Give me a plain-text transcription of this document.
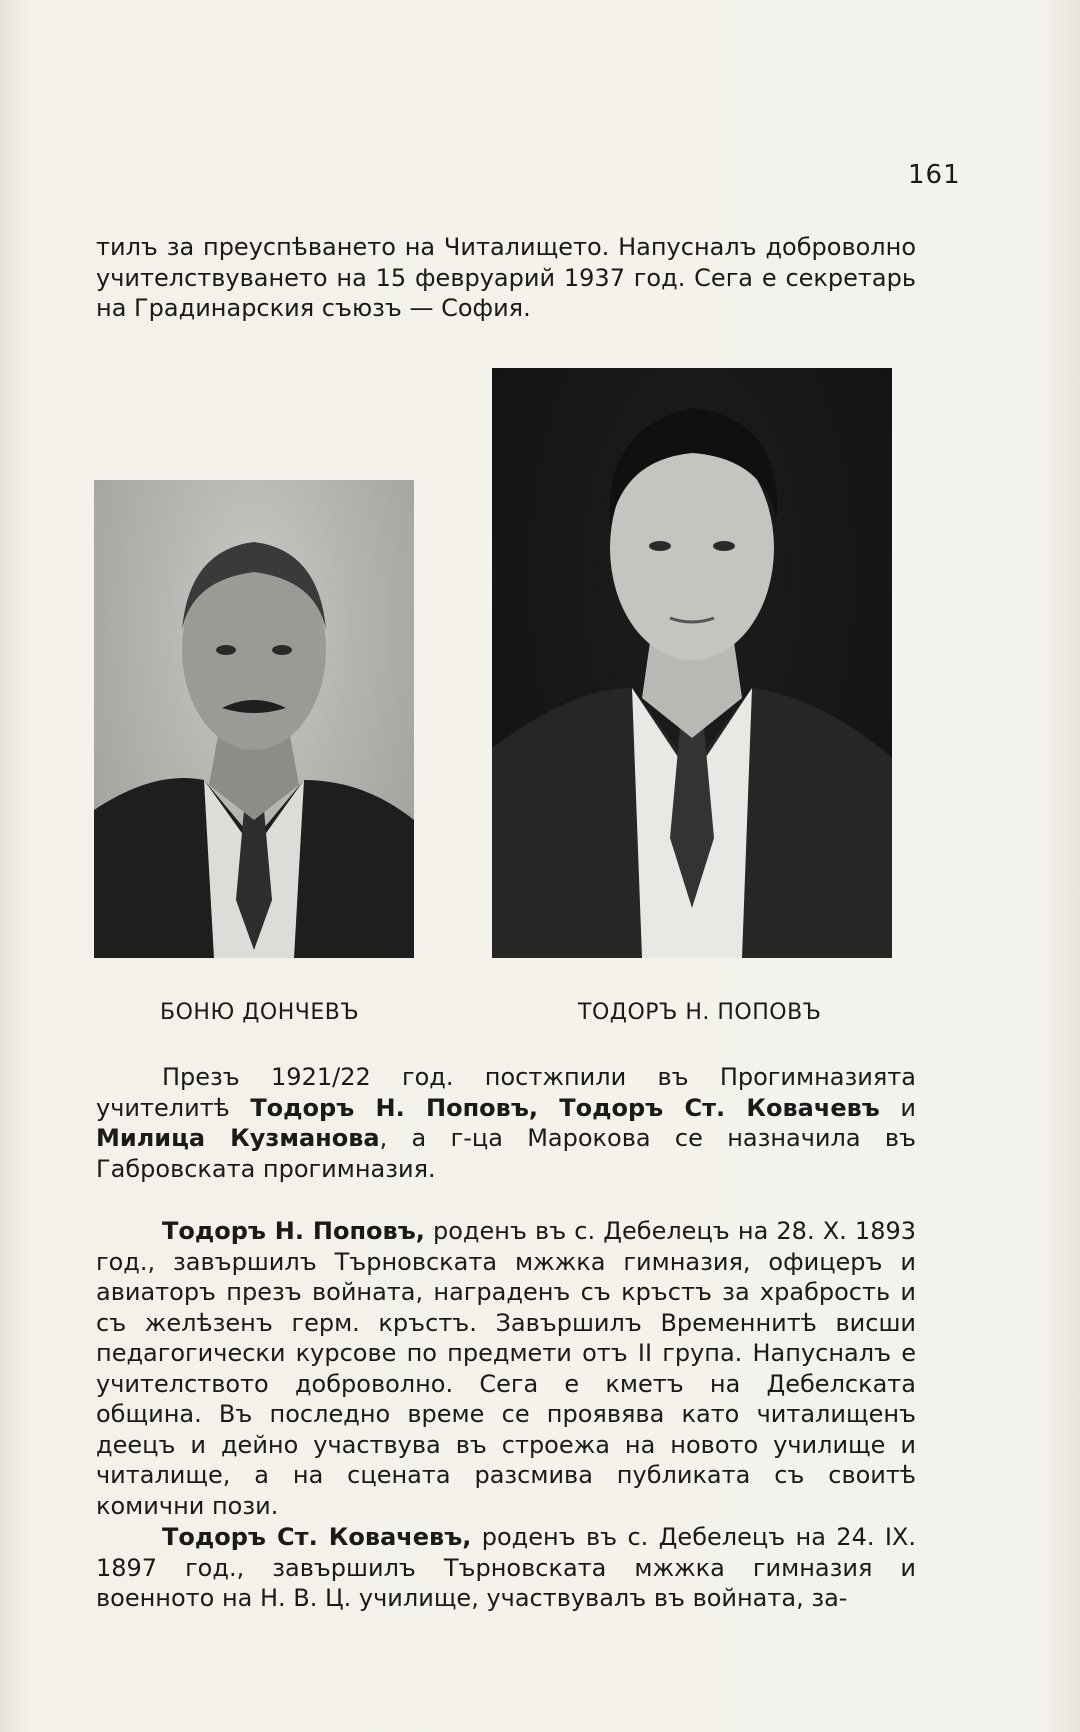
161

тилъ за преуспѣването на Читалището. Напусналъ доброволно учителствуването на 15 февруарий 1937 год. Сега е секретарь на Градинарския съюзъ — София.

БОНЮ ДОНЧЕВЪ	ТОДОРЪ Н. ПОПОВЪ

Презъ 1921/22 год. постжпили въ Прогимназията учителитѣ Тодоръ Н. Поповъ, Тодоръ Ст. Ковачевъ и Милица Кузманова, а г-ца Марокова се назначила въ Габровската прогимназия.

Тодоръ Н. Поповъ, роденъ въ с. Дебелецъ на 28. X. 1893 год., завършилъ Търновската мжжка гимназия, офицеръ и авиаторъ презъ войната, награденъ съ кръстъ за храбрость и съ желѣзенъ герм. кръстъ. Завършилъ Временнитѣ висши педагогически курсове по предмети отъ II група. Напусналъ е учителството доброволно. Сега е кметъ на Дебелската община. Въ последно време се проявява като читалищенъ деецъ и дейно участвува въ строежа на новото училище и читалище, а на сцената разсмива публиката съ своитѣ комични пози.

Тодоръ Ст. Ковачевъ, роденъ въ с. Дебелецъ на 24. IX. 1897 год., завършилъ Търновската мжжка гимназия и военното на Н. В. Ц. училище, участвувалъ въ войната, за-
